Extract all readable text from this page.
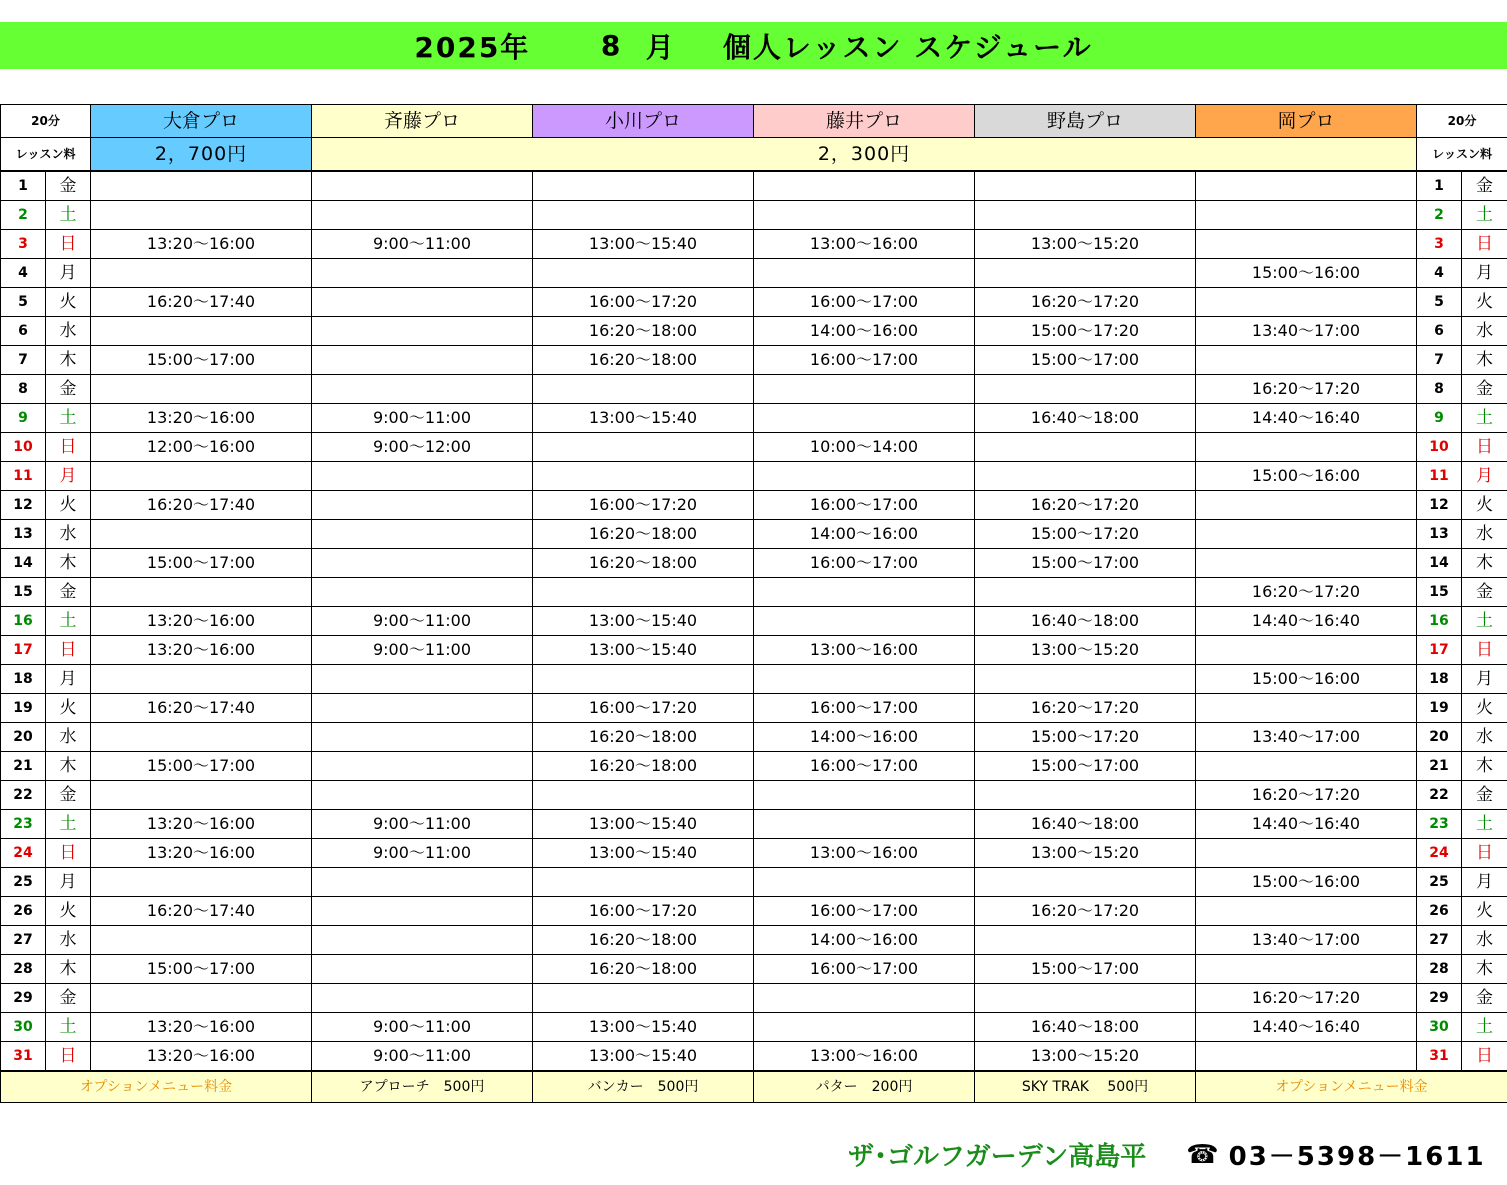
2025年
	8
月
個人レッスン スケジュール
20分		大倉プロ	斉藤プロ	小川プロ	藤井プロ	野島プロ	岡プロ	20分	
レッスン料		2，700円	2，300円					レッスン料	
1	金							1	金
2	土							2	土
3	日	13:20～16:00	9:00～11:00	13:00～15:40	13:00～16:00	13:00～15:20		3	日
4	月						15:00～16:00	4	月
5	火	16:20～17:40		16:00～17:20	16:00～17:00	16:20～17:20		5	火
6	水			16:20～18:00	14:00～16:00	15:00～17:20	13:40～17:00	6	水
7	木	15:00～17:00		16:20～18:00	16:00～17:00	15:00～17:00		7	木
8	金						16:20～17:20	8	金
9	土	13:20～16:00	9:00～11:00	13:00～15:40		16:40～18:00	14:40～16:40	9	土
10	日	12:00～16:00	9:00～12:00		10:00～14:00			10	日
11	月						15:00～16:00	11	月
12	火	16:20～17:40		16:00～17:20	16:00～17:00	16:20～17:20		12	火
13	水			16:20～18:00	14:00～16:00	15:00～17:20		13	水
14	木	15:00～17:00		16:20～18:00	16:00～17:00	15:00～17:00		14	木
15	金						16:20～17:20	15	金
16	土	13:20～16:00	9:00～11:00	13:00～15:40		16:40～18:00	14:40～16:40	16	土
17	日	13:20～16:00	9:00～11:00	13:00～15:40	13:00～16:00	13:00～15:20		17	日
18	月						15:00～16:00	18	月
19	火	16:20～17:40		16:00～17:20	16:00～17:00	16:20～17:20		19	火
20	水			16:20～18:00	14:00～16:00	15:00～17:20	13:40～17:00	20	水
21	木	15:00～17:00		16:20～18:00	16:00～17:00	15:00～17:00		21	木
22	金						16:20～17:20	22	金
23	土	13:20～16:00	9:00～11:00	13:00～15:40		16:40～18:00	14:40～16:40	23	土
24	日	13:20～16:00	9:00～11:00	13:00～15:40	13:00～16:00	13:00～15:20		24	日
25	月						15:00～16:00	25	月
26	火	16:20～17:40		16:00～17:20	16:00～17:00	16:20～17:20		26	火
27	水			16:20～18:00	14:00～16:00		13:40～17:00	27	水
28	木	15:00～17:00		16:20～18:00	16:00～17:00	15:00～17:00		28	木
29	金						16:20～17:20	29	金
30	土	13:20～16:00	9:00～11:00	13:00～15:40		16:40～18:00	14:40～16:40	30	土
31	日	13:20～16:00	9:00～11:00	13:00～15:40	13:00～16:00	13:00～15:20		31	日
オプションメニュー料金			アプローチ　500円	バンカー　500円	パター　200円	SKY TRAK　 500円	オプションメニュー料金		
ザ･ゴルフガーデン高島平 ☎ 03－5398－1611
